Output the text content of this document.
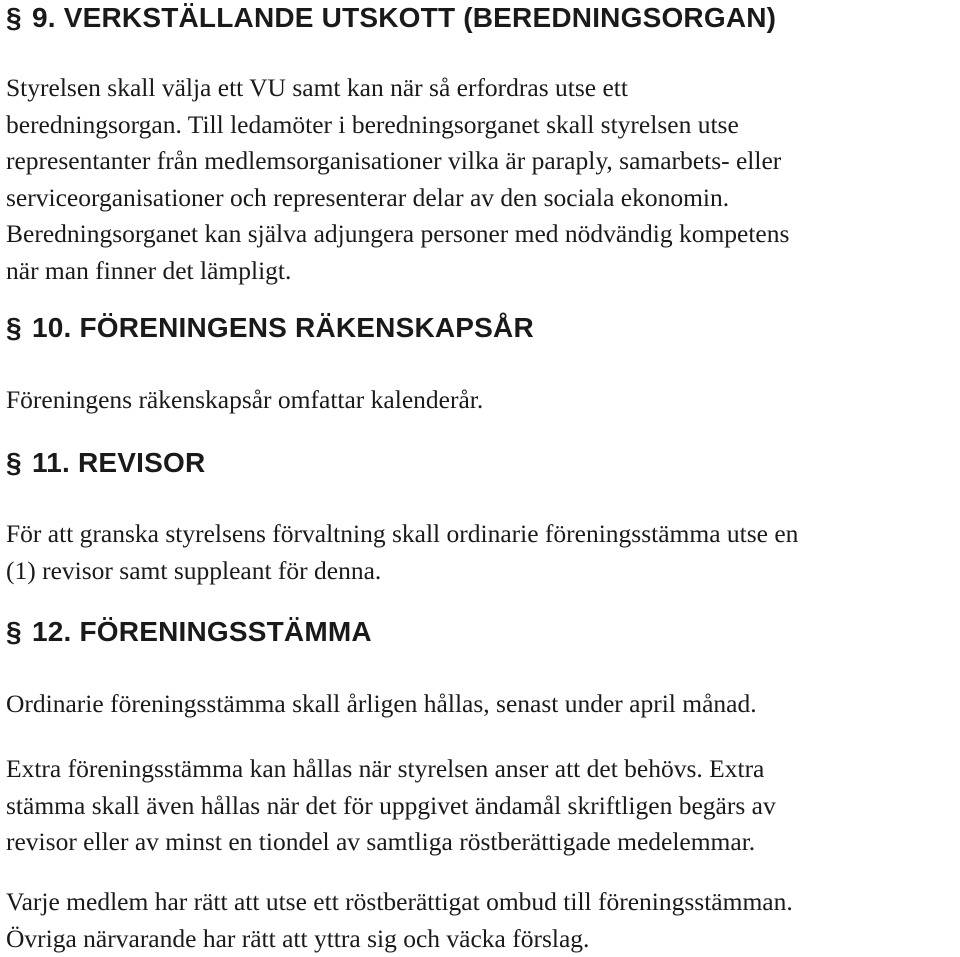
§ 9. VERKSTÄLLANDE UTSKOTT (BEREDNINGSORGAN)
Styrelsen skall välja ett VU samt kan när så erfordras utse ett
beredningsorgan. Till ledamöter i beredningsorganet skall styrelsen utse
representanter från medlemsorganisationer vilka är paraply, samarbets- eller
serviceorganisationer och representerar delar av den sociala ekonomin.
Beredningsorganet kan själva adjungera personer med nödvändig kompetens
när man finner det lämpligt.
§ 10. FÖRENINGENS RÄKENSKAPSÅR
Föreningens räkenskapsår omfattar kalenderår.
§ 11. REVISOR
För att granska styrelsens förvaltning skall ordinarie föreningsstämma utse en
(1) revisor samt suppleant för denna.
§ 12. FÖRENINGSSTÄMMA
Ordinarie föreningsstämma skall årligen hållas, senast under april månad.
Extra föreningsstämma kan hållas när styrelsen anser att det behövs. Extra
stämma skall även hållas när det för uppgivet ändamål skriftligen begärs av
revisor eller av minst en tiondel av samtliga röstberättigade medelemmar.
Varje medlem har rätt att utse ett röstberättigat ombud till föreningsstämman.
Övriga närvarande har rätt att yttra sig och väcka förslag.
